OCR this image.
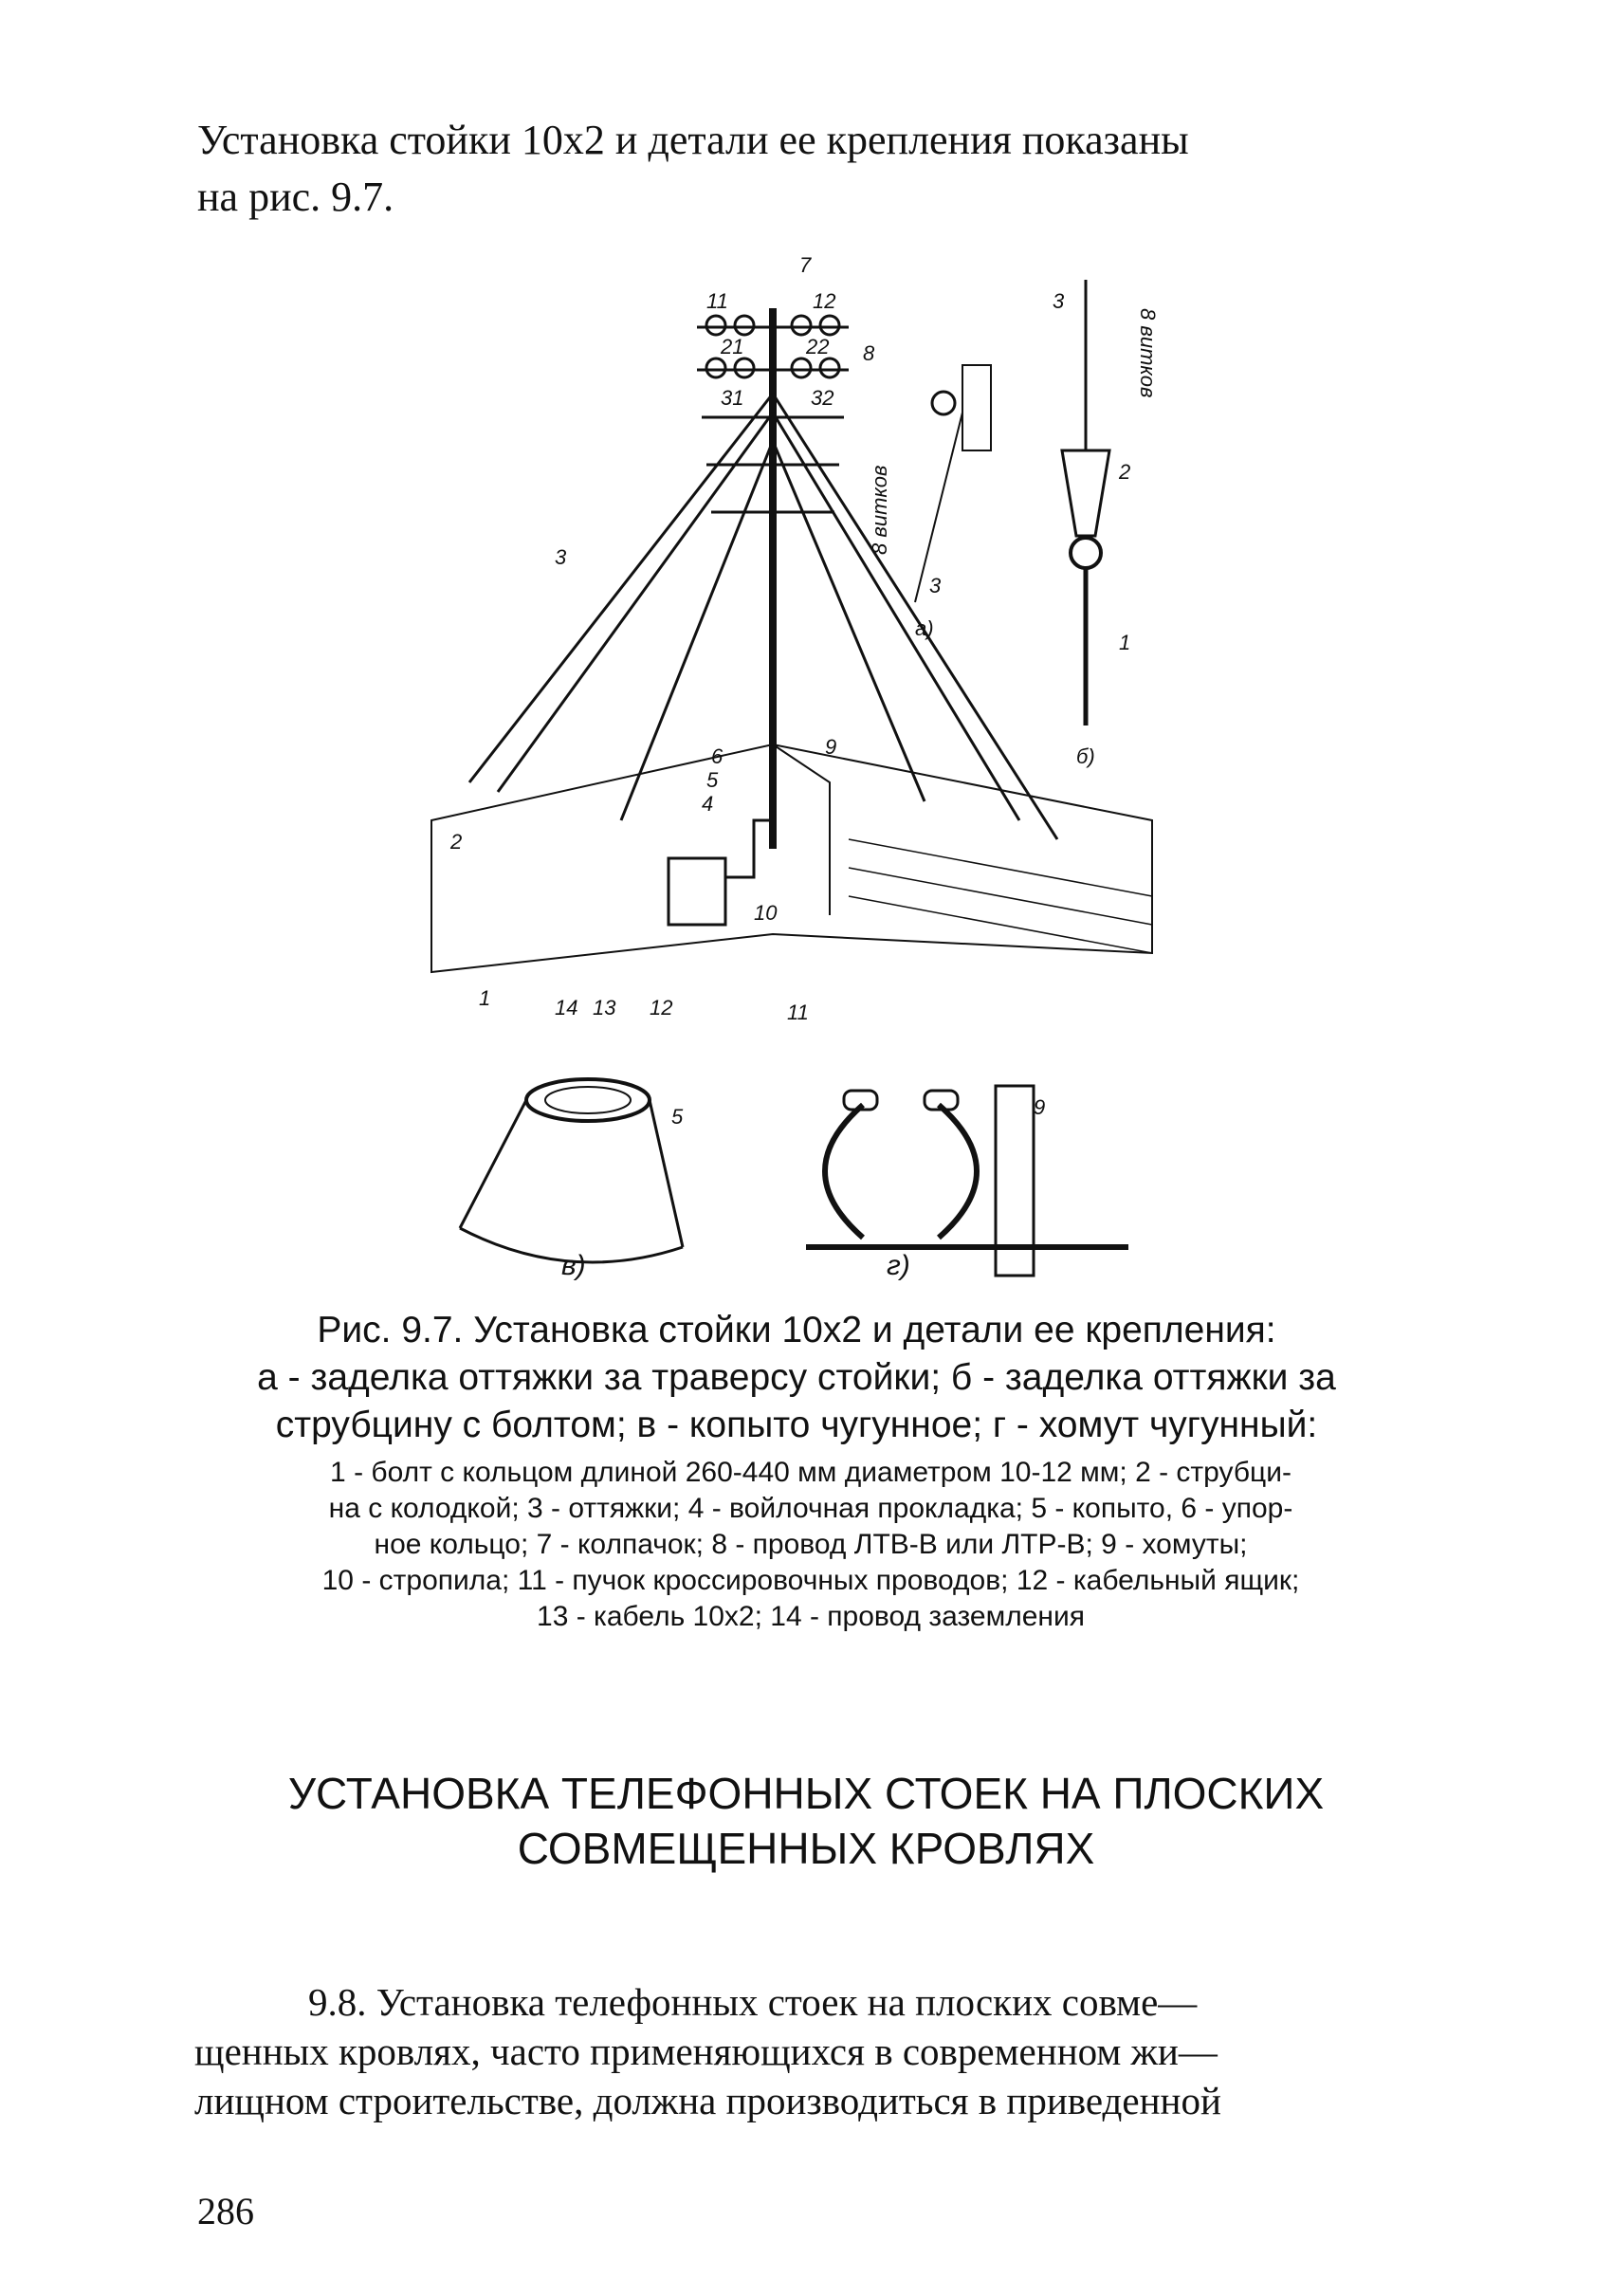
Установка стойки 10х2 и детали ее крепления показаны
на рис. 9.7.
7
11	12
8
21	22
31	32
3
6
5
4
9
2
10
1	14 13 12	11
3
а)
3
2
1
б)
8 витков
8 витков
5	9
в)	г)
Рис. 9.7. Установка стойки 10х2 и детали ее крепления:
а - заделка оттяжки за траверсу стойки; б - заделка оттяжки за
струбцину с болтом; в - копыто чугунное; г - хомут чугунный:
1 - болт с кольцом длиной 260-440 мм диаметром 10-12 мм; 2 - струбци-
на с колодкой; 3 - оттяжки; 4 - войлочная прокладка; 5 - копыто, 6 - упор-
ное кольцо; 7 - колпачок; 8 - провод ЛТВ-В или ЛТР-В; 9 - хомуты;
10 - стропила; 11 - пучок кроссировочных проводов; 12 - кабельный ящик;
13 - кабель 10х2; 14 - провод заземления
УСТАНОВКА ТЕЛЕФОННЫХ СТОЕК НА ПЛОСКИХ
СОВМЕЩЕННЫХ КРОВЛЯХ
9.8. Установка телефонных стоек на плоских совме—
щенных кровлях, часто применяющихся в современном жи—
лищном строительстве, должна производиться в приведенной
286
